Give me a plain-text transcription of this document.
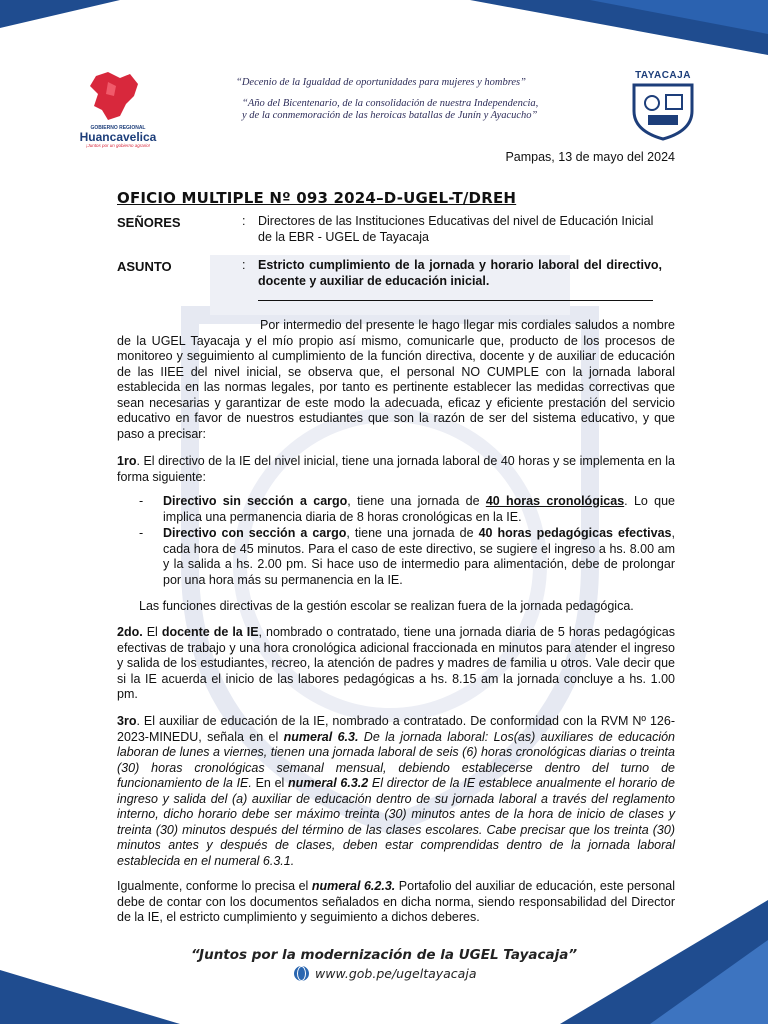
GOBIERNO REGIONAL
Huancavelica
¡Juntos por un gobierno agrario!
“Decenio de la Igualdad de oportunidades para mujeres y hombres”
“Año del Bicentenario, de la consolidación de nuestra Independencia,
y de la conmemoración de las heroicas batallas de Junín y Ayacucho”
TAYACAJA
Pampas, 13 de mayo del 2024
OFICIO MULTIPLE Nº 093 2024–D-UGEL-T/DREH
SEÑORES	: Directores de las Instituciones Educativas del nivel de Educación Inicial de la EBR - UGEL de Tayacaja
ASUNTO	: Estricto cumplimiento de la jornada y horario laboral del directivo, docente y auxiliar de educación inicial.

Por intermedio del presente le hago llegar mis cordiales saludos a nombre de la UGEL Tayacaja y el mío propio así mismo, comunicarle que, producto de los procesos de monitoreo y seguimiento al cumplimiento de la función directiva, docente y de auxiliar de educación de las IIEE del nivel inicial, se observa que, el personal NO CUMPLE con la jornada laboral establecida en las normas legales, por tanto es pertinente establecer las medidas correctivas que sean necesarias y garantizar de este modo la adecuada, eficaz y eficiente prestación del servicio educativo en favor de nuestros estudiantes que son la razón de ser del sistema educativo, y que paso a precisar:

1ro. El directivo de la IE del nivel inicial, tiene una jornada laboral de 40 horas y se implementa en la forma siguiente:

- Directivo sin sección a cargo, tiene una jornada de 40 horas cronológicas. Lo que implica una permanencia diaria de 8 horas cronológicas en la IE.

- Directivo con sección a cargo, tiene una jornada de 40 horas pedagógicas efectivas, cada hora de 45 minutos. Para el caso de este directivo, se sugiere el ingreso a hs. 8.00 am y la salida a hs. 2.00 pm. Si hace uso de intermedio para alimentación, debe de prolongar por una hora más su permanencia en la IE.

Las funciones directivas de la gestión escolar se realizan fuera de la jornada pedagógica.

2do. El docente de la IE, nombrado o contratado, tiene una jornada diaria de 5 horas pedagógicas efectivas de trabajo y una hora cronológica adicional fraccionada en minutos para atender el ingreso y salida de los estudiantes, recreo, la atención de padres y madres de familia u otros. Vale decir que si la IE acuerda el inicio de las labores pedagógicas a hs. 8.15 am la jornada concluye a hs. 1.00 pm.

3ro. El auxiliar de educación de la IE, nombrado a contratado. De conformidad con la RVM Nº 126-2023-MINEDU, señala en el numeral 6.3. De la jornada laboral: Los(as) auxiliares de educación laboran de lunes a viernes, tienen una jornada laboral de seis (6) horas cronológicas diarias o treinta (30) horas cronológicas semanal mensual, debiendo establecerse dentro del turno de funcionamiento de la IE. En el numeral 6.3.2 El director de la IE establece anualmente el horario de ingreso y salida del (a) auxiliar de educación dentro de su jornada laboral a través del reglamento interno, dicho horario debe ser máximo treinta (30) minutos antes de la hora de inicio de clases y treinta (30) minutos después del término de las clases escolares. Cabe precisar que los treinta (30) minutos antes y después de clases, deben estar comprendidas dentro de la jornada laboral establecida en el numeral 6.3.1.

Igualmente, conforme lo precisa el numeral 6.2.3. Portafolio del auxiliar de educación, este personal debe de contar con los documentos señalados en dicha norma, siendo responsabilidad del Director de la IE, el estricto cumplimiento y seguimiento a dichos deberes.

“Juntos por la modernización de la UGEL Tayacaja”
www.gob.pe/ugeltayacaja
